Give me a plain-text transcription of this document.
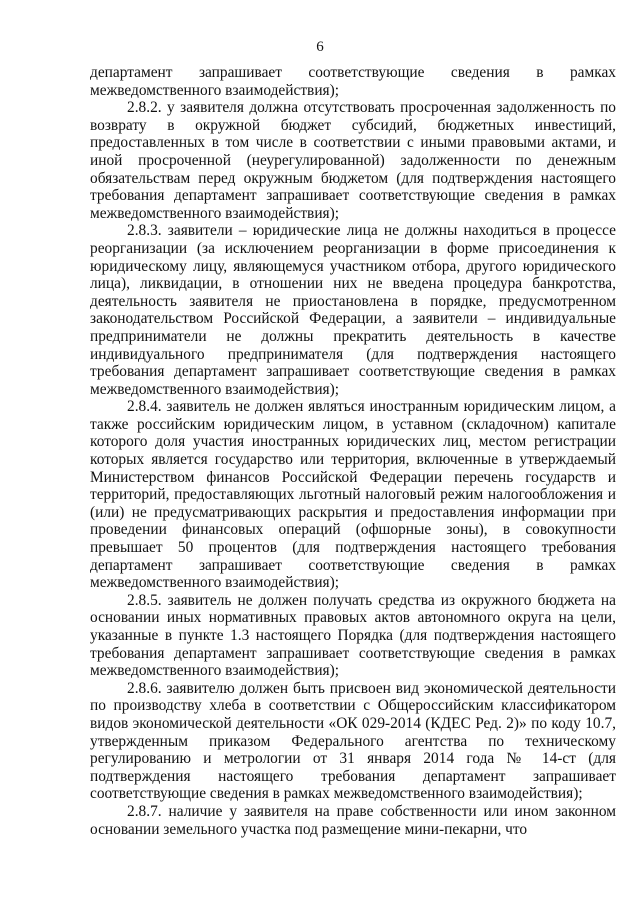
6

департамент запрашивает соответствующие сведения в рамках межведомственного взаимодействия);

2.8.2. у заявителя должна отсутствовать просроченная задолженность по возврату в окружной бюджет субсидий, бюджетных инвестиций, предоставленных в том числе в соответствии с иными правовыми актами, и иной просроченной (неурегулированной) задолженности по денежным обязательствам перед окружным бюджетом (для подтверждения настоящего требования департамент запрашивает соответствующие сведения в рамках межведомственного взаимодействия);

2.8.3. заявители – юридические лица не должны находиться в процессе реорганизации (за исключением реорганизации в форме присоединения к юридическому лицу, являющемуся участником отбора, другого юридического лица), ликвидации, в отношении них не введена процедура банкротства, деятельность заявителя не приостановлена в порядке, предусмотренном законодательством Российской Федерации, а заявители – индивидуальные предприниматели не должны прекратить деятельность в качестве индивидуального предпринимателя (для подтверждения настоящего требования департамент запрашивает соответствующие сведения в рамках межведомственного взаимодействия);

2.8.4. заявитель не должен являться иностранным юридическим лицом, а также российским юридическим лицом, в уставном (складочном) капитале которого доля участия иностранных юридических лиц, местом регистрации которых является государство или территория, включенные в утверждаемый Министерством финансов Российской Федерации перечень государств и территорий, предоставляющих льготный налоговый режим налогообложения и (или) не предусматривающих раскрытия и предоставления информации при проведении финансовых операций (офшорные зоны), в совокупности превышает 50 процентов (для подтверждения настоящего требования департамент запрашивает соответствующие сведения в рамках межведомственного взаимодействия);

2.8.5. заявитель не должен получать средства из окружного бюджета на основании иных нормативных правовых актов автономного округа на цели, указанные в пункте 1.3 настоящего Порядка (для подтверждения настоящего требования департамент запрашивает соответствующие сведения в рамках межведомственного взаимодействия);

2.8.6. заявителю должен быть присвоен вид экономической деятельности по производству хлеба в соответствии с Общероссийским классификатором видов экономической деятельности «ОК 029-2014 (КДЕС Ред. 2)» по коду 10.7, утвержденным приказом Федерального агентства по техническому регулированию и метрологии от 31 января 2014 года № 14-ст (для подтверждения настоящего требования департамент запрашивает соответствующие сведения в рамках межведомственного взаимодействия);

2.8.7. наличие у заявителя на праве собственности или ином законном основании земельного участка под размещение мини-пекарни, что
